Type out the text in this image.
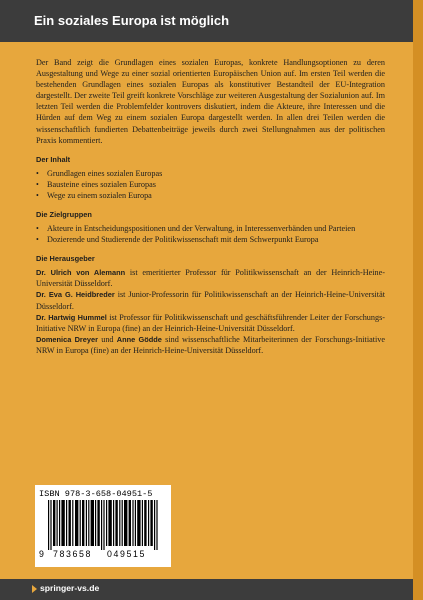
Ein soziales Europa ist möglich

Der Band zeigt die Grundlagen eines sozialen Europas, konkrete Handlungsoptionen zu deren Ausgestaltung und Wege zu einer sozial orientierten Europäischen Union auf. Im ersten Teil werden die bestehenden Grundlagen eines sozialen Europas als konstitutiver Bestandteil der EU-Integration dargestellt. Der zweite Teil greift konkrete Vorschläge zur weiteren Ausgestaltung der Sozialunion auf. Im letzten Teil werden die Problemfelder kontrovers diskutiert, indem die Akteure, ihre Interessen und die Hürden auf dem Weg zu einem sozialen Europa dargestellt werden. In allen drei Teilen werden die wissenschaftlich fundierten Debattenbeiträge jeweils durch zwei Stellungnahmen aus der politischen Praxis kommentiert.

Der Inhalt
• Grundlagen eines sozialen Europas
• Bausteine eines sozialen Europas
• Wege zu einem sozialen Europa
Die Zielgruppen
• Akteure in Entscheidungspositionen und der Verwaltung, in Interessenverbänden und Parteien
• Dozierende und Studierende der Politikwissenschaft mit dem Schwerpunkt Europa
Die Herausgeber

Dr. Ulrich von Alemann ist emeritierter Professor für Politikwissenschaft an der Heinrich-Heine-Universität Düsseldorf.

Dr. Eva G. Heidbreder ist Junior-Professorin für Politikwissenschaft an der Heinrich-Heine-Universität Düsseldorf.

Dr. Hartwig Hummel ist Professor für Politikwissenschaft und geschäftsführender Leiter der Forschungs-Initiative NRW in Europa (fine) an der Heinrich-Heine-Universität Düsseldorf.

Domenica Dreyer und Anne Gödde sind wissenschaftliche Mitarbeiterinnen der Forschungs-Initiative NRW in Europa (fine) an der Heinrich-Heine-Universität Düsseldorf.

ISBN 978-3-658-04951-5
9 783658 049515
springer-vs.de
